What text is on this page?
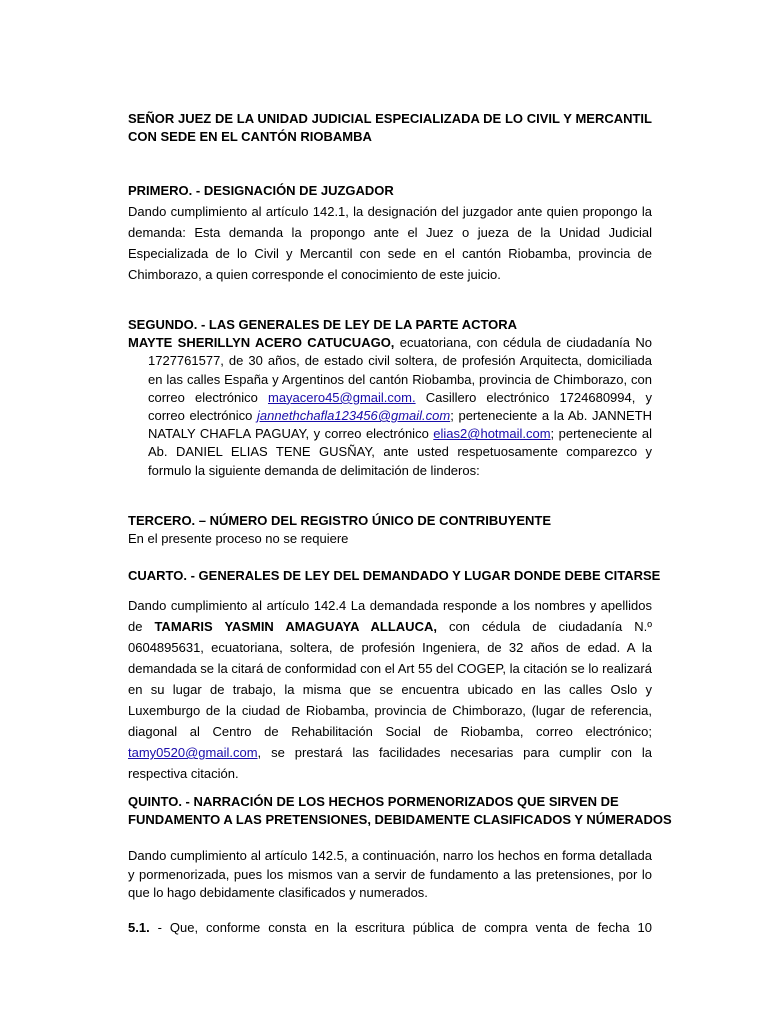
SEÑOR JUEZ DE LA UNIDAD JUDICIAL ESPECIALIZADA DE LO CIVIL Y MERCANTIL
CON SEDE EN EL CANTÓN RIOBAMBA
PRIMERO. - DESIGNACIÓN DE JUZGADOR

Dando cumplimiento al artículo 142.1, la designación del juzgador ante quien propongo la demanda: Esta demanda la propongo ante el Juez o jueza de la Unidad Judicial Especializada de lo Civil y Mercantil con sede en el cantón Riobamba, provincia de Chimborazo, a quien corresponde el conocimiento de este juicio.

SEGUNDO. - LAS GENERALES DE LEY DE LA PARTE ACTORA

MAYTE SHERILLYN ACERO CATUCUAGO, ecuatoriana, con cédula de ciudadanía No 1727761577, de 30 años, de estado civil soltera, de profesión Arquitecta, domiciliada en las calles España y Argentinos del cantón Riobamba, provincia de Chimborazo, con correo electrónico mayacero45@gmail.com. Casillero electrónico 1724680994, y correo electrónico jannethchafla123456@gmail.com; perteneciente a la Ab. JANNETH NATALY CHAFLA PAGUAY, y correo electrónico elias2@hotmail.com; perteneciente al Ab. DANIEL ELIAS TENE GUSÑAY, ante usted respetuosamente comparezco y formulo la siguiente demanda de delimitación de linderos:

TERCERO. – NÚMERO DEL REGISTRO ÚNICO DE CONTRIBUYENTE

En el presente proceso no se requiere

CUARTO. - GENERALES DE LEY DEL DEMANDADO Y LUGAR DONDE DEBE CITARSE

Dando cumplimiento al artículo 142.4 La demandada responde a los nombres y apellidos de TAMARIS YASMIN AMAGUAYA ALLAUCA, con cédula de ciudadanía N.º 0604895631, ecuatoriana, soltera, de profesión Ingeniera, de 32 años de edad. A la demandada se la citará de conformidad con el Art 55 del COGEP, la citación se lo realizará en su lugar de trabajo, la misma que se encuentra ubicado en las calles Oslo y Luxemburgo de la ciudad de Riobamba, provincia de Chimborazo, (lugar de referencia, diagonal al Centro de Rehabilitación Social de Riobamba, correo electrónico; tamy0520@gmail.com, se prestará las facilidades necesarias para cumplir con la respectiva citación.

QUINTO. - NARRACIÓN DE LOS HECHOS PORMENORIZADOS QUE SIRVEN DE
FUNDAMENTO A LAS PRETENSIONES, DEBIDAMENTE CLASIFICADOS Y NÚMERADOS

Dando cumplimiento al artículo 142.5, a continuación, narro los hechos en forma detallada y pormenorizada, pues los mismos van a servir de fundamento a las pretensiones, por lo que lo hago debidamente clasificados y numerados.

5.1. - Que, conforme consta en la escritura pública de compra venta de fecha 10
